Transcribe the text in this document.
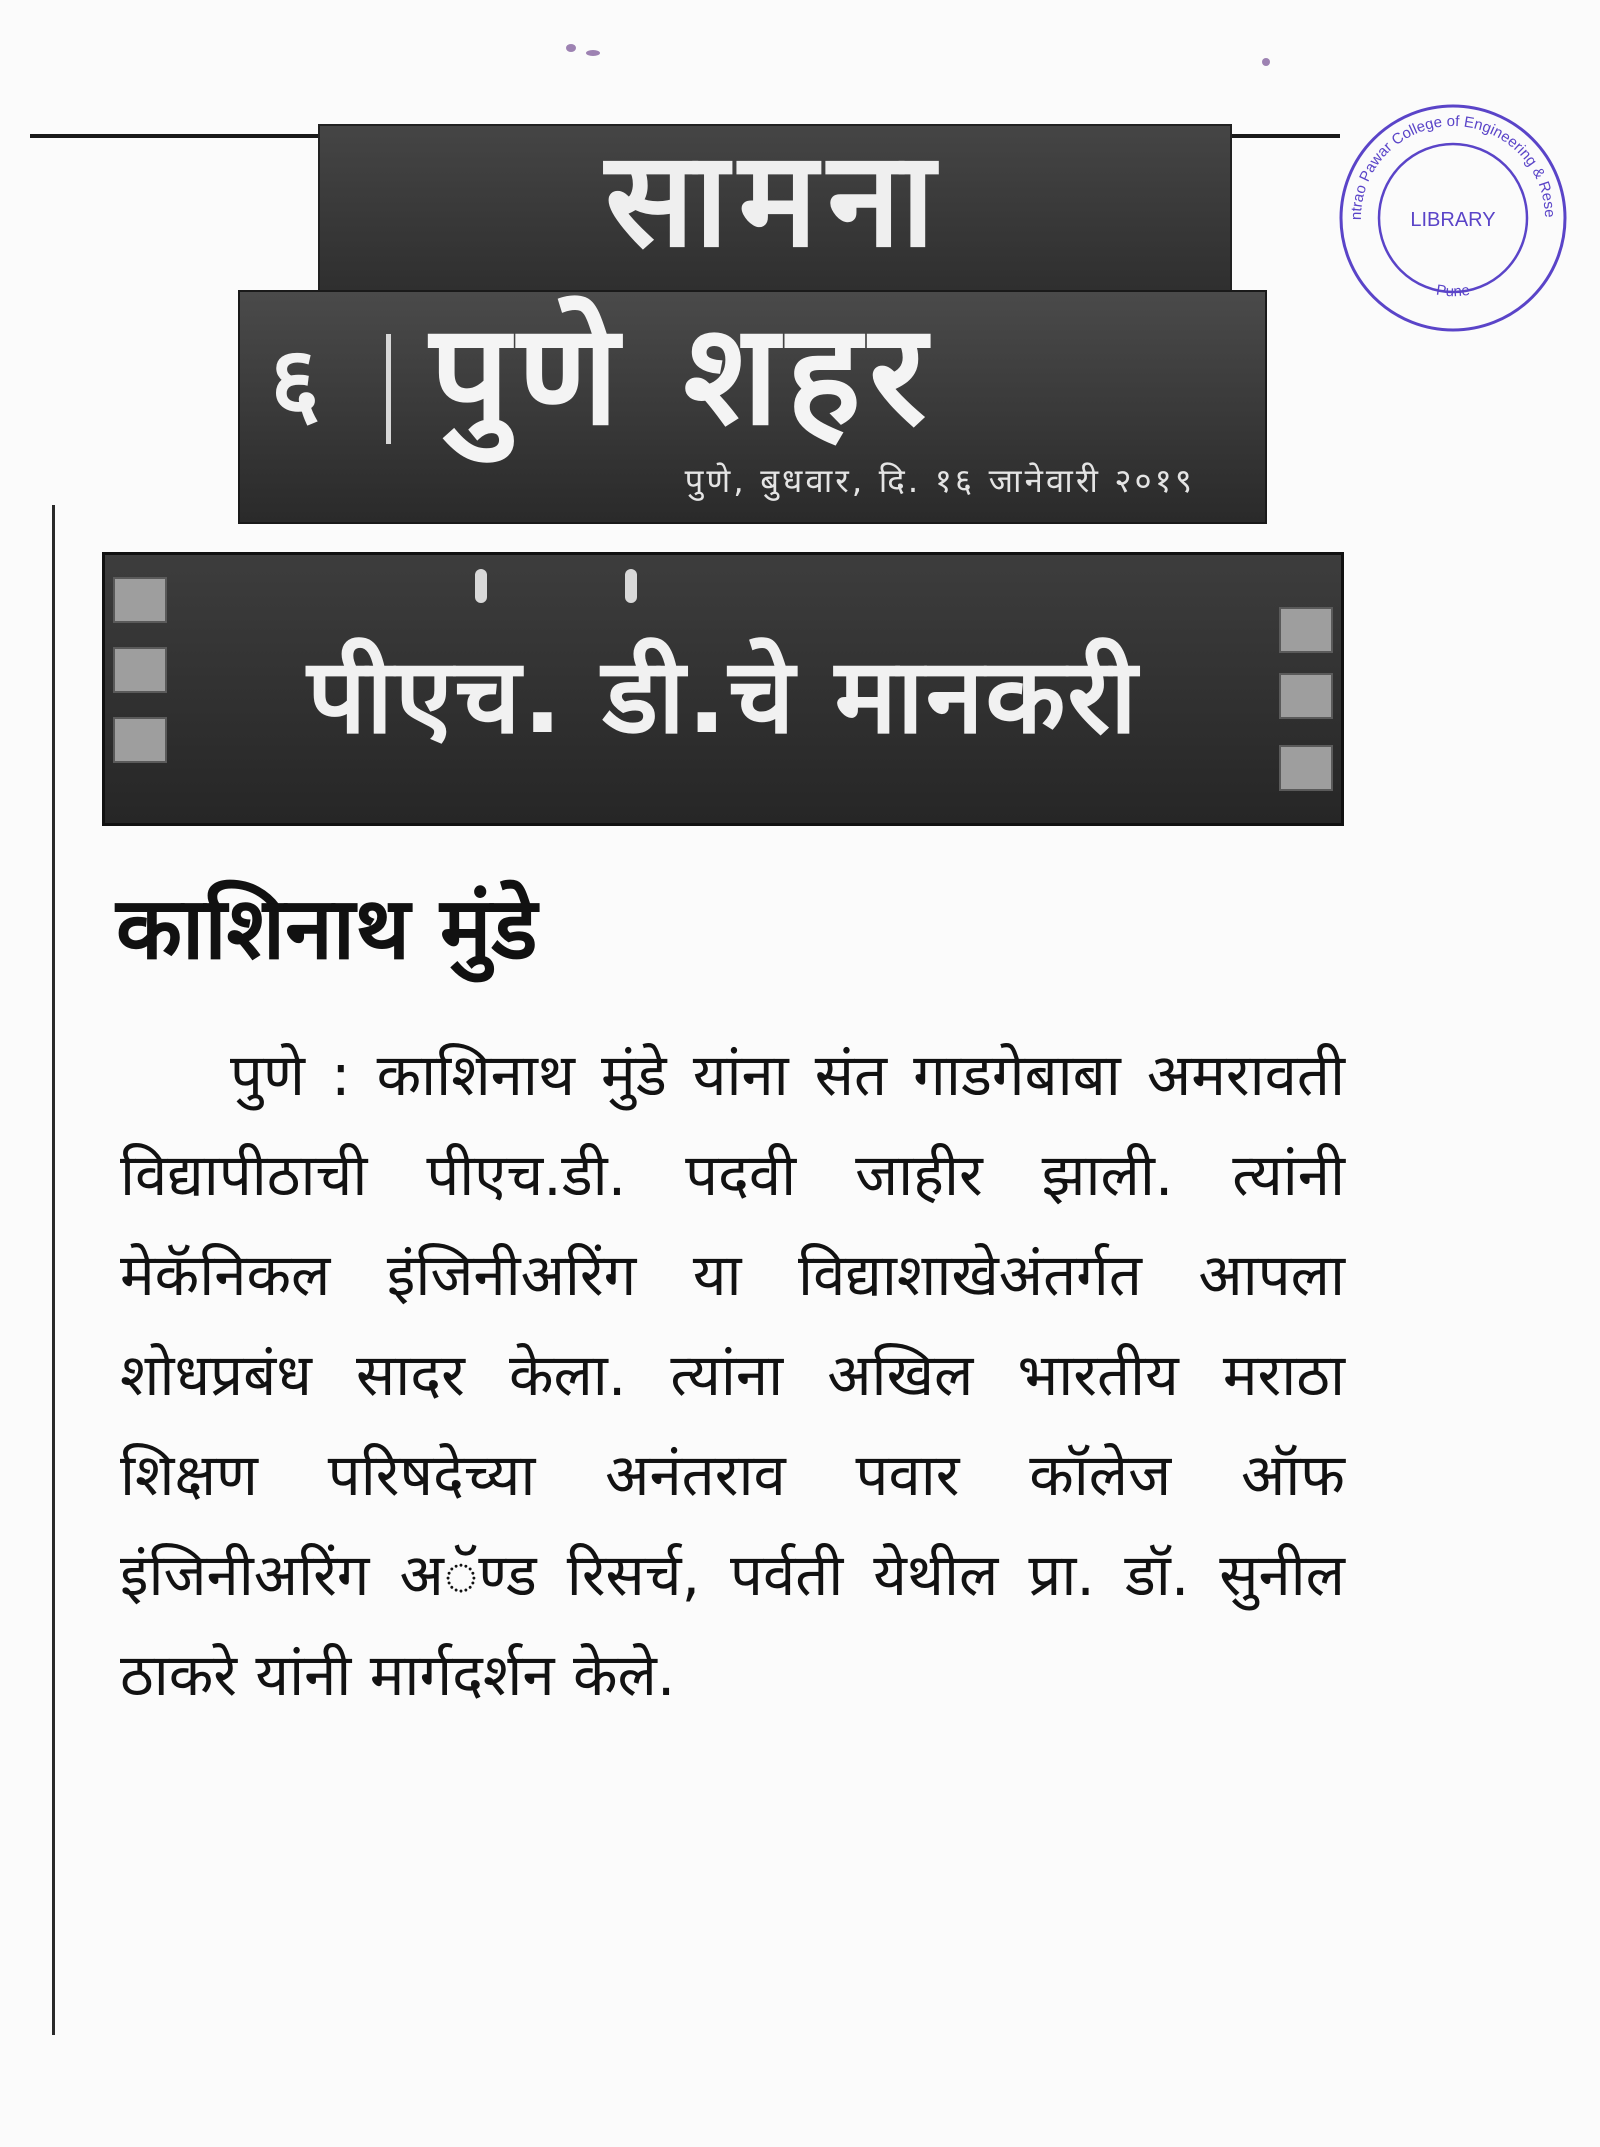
सामना
६ पुणे शहर
पुणे, बुधवार, दि. १६ जानेवारी २०१९
पीएच. डी.चे मानकरी
काशिनाथ मुंडे

पुणे : काशिनाथ मुंडे यांना संत गाडगेबाबा अमरावती विद्यापीठाची पीएच.डी. पदवी जाहीर झाली. त्यांनी मेकॅनिकल इंजिनीअरिंग या विद्याशाखेअंतर्गत आपला शोधप्रबंध सादर केला. त्यांना अखिल भारतीय मराठा शिक्षण परिषदेच्या अनंतराव पवार कॉलेज ऑफ इंजिनीअरिंग अॅण्ड रिसर्च, पर्वती येथील प्रा. डॉ. सुनील ठाकरे यांनी मार्गदर्शन केले.

ntrao Pawar College of Engineering & Rese
Pune
LIBRARY
